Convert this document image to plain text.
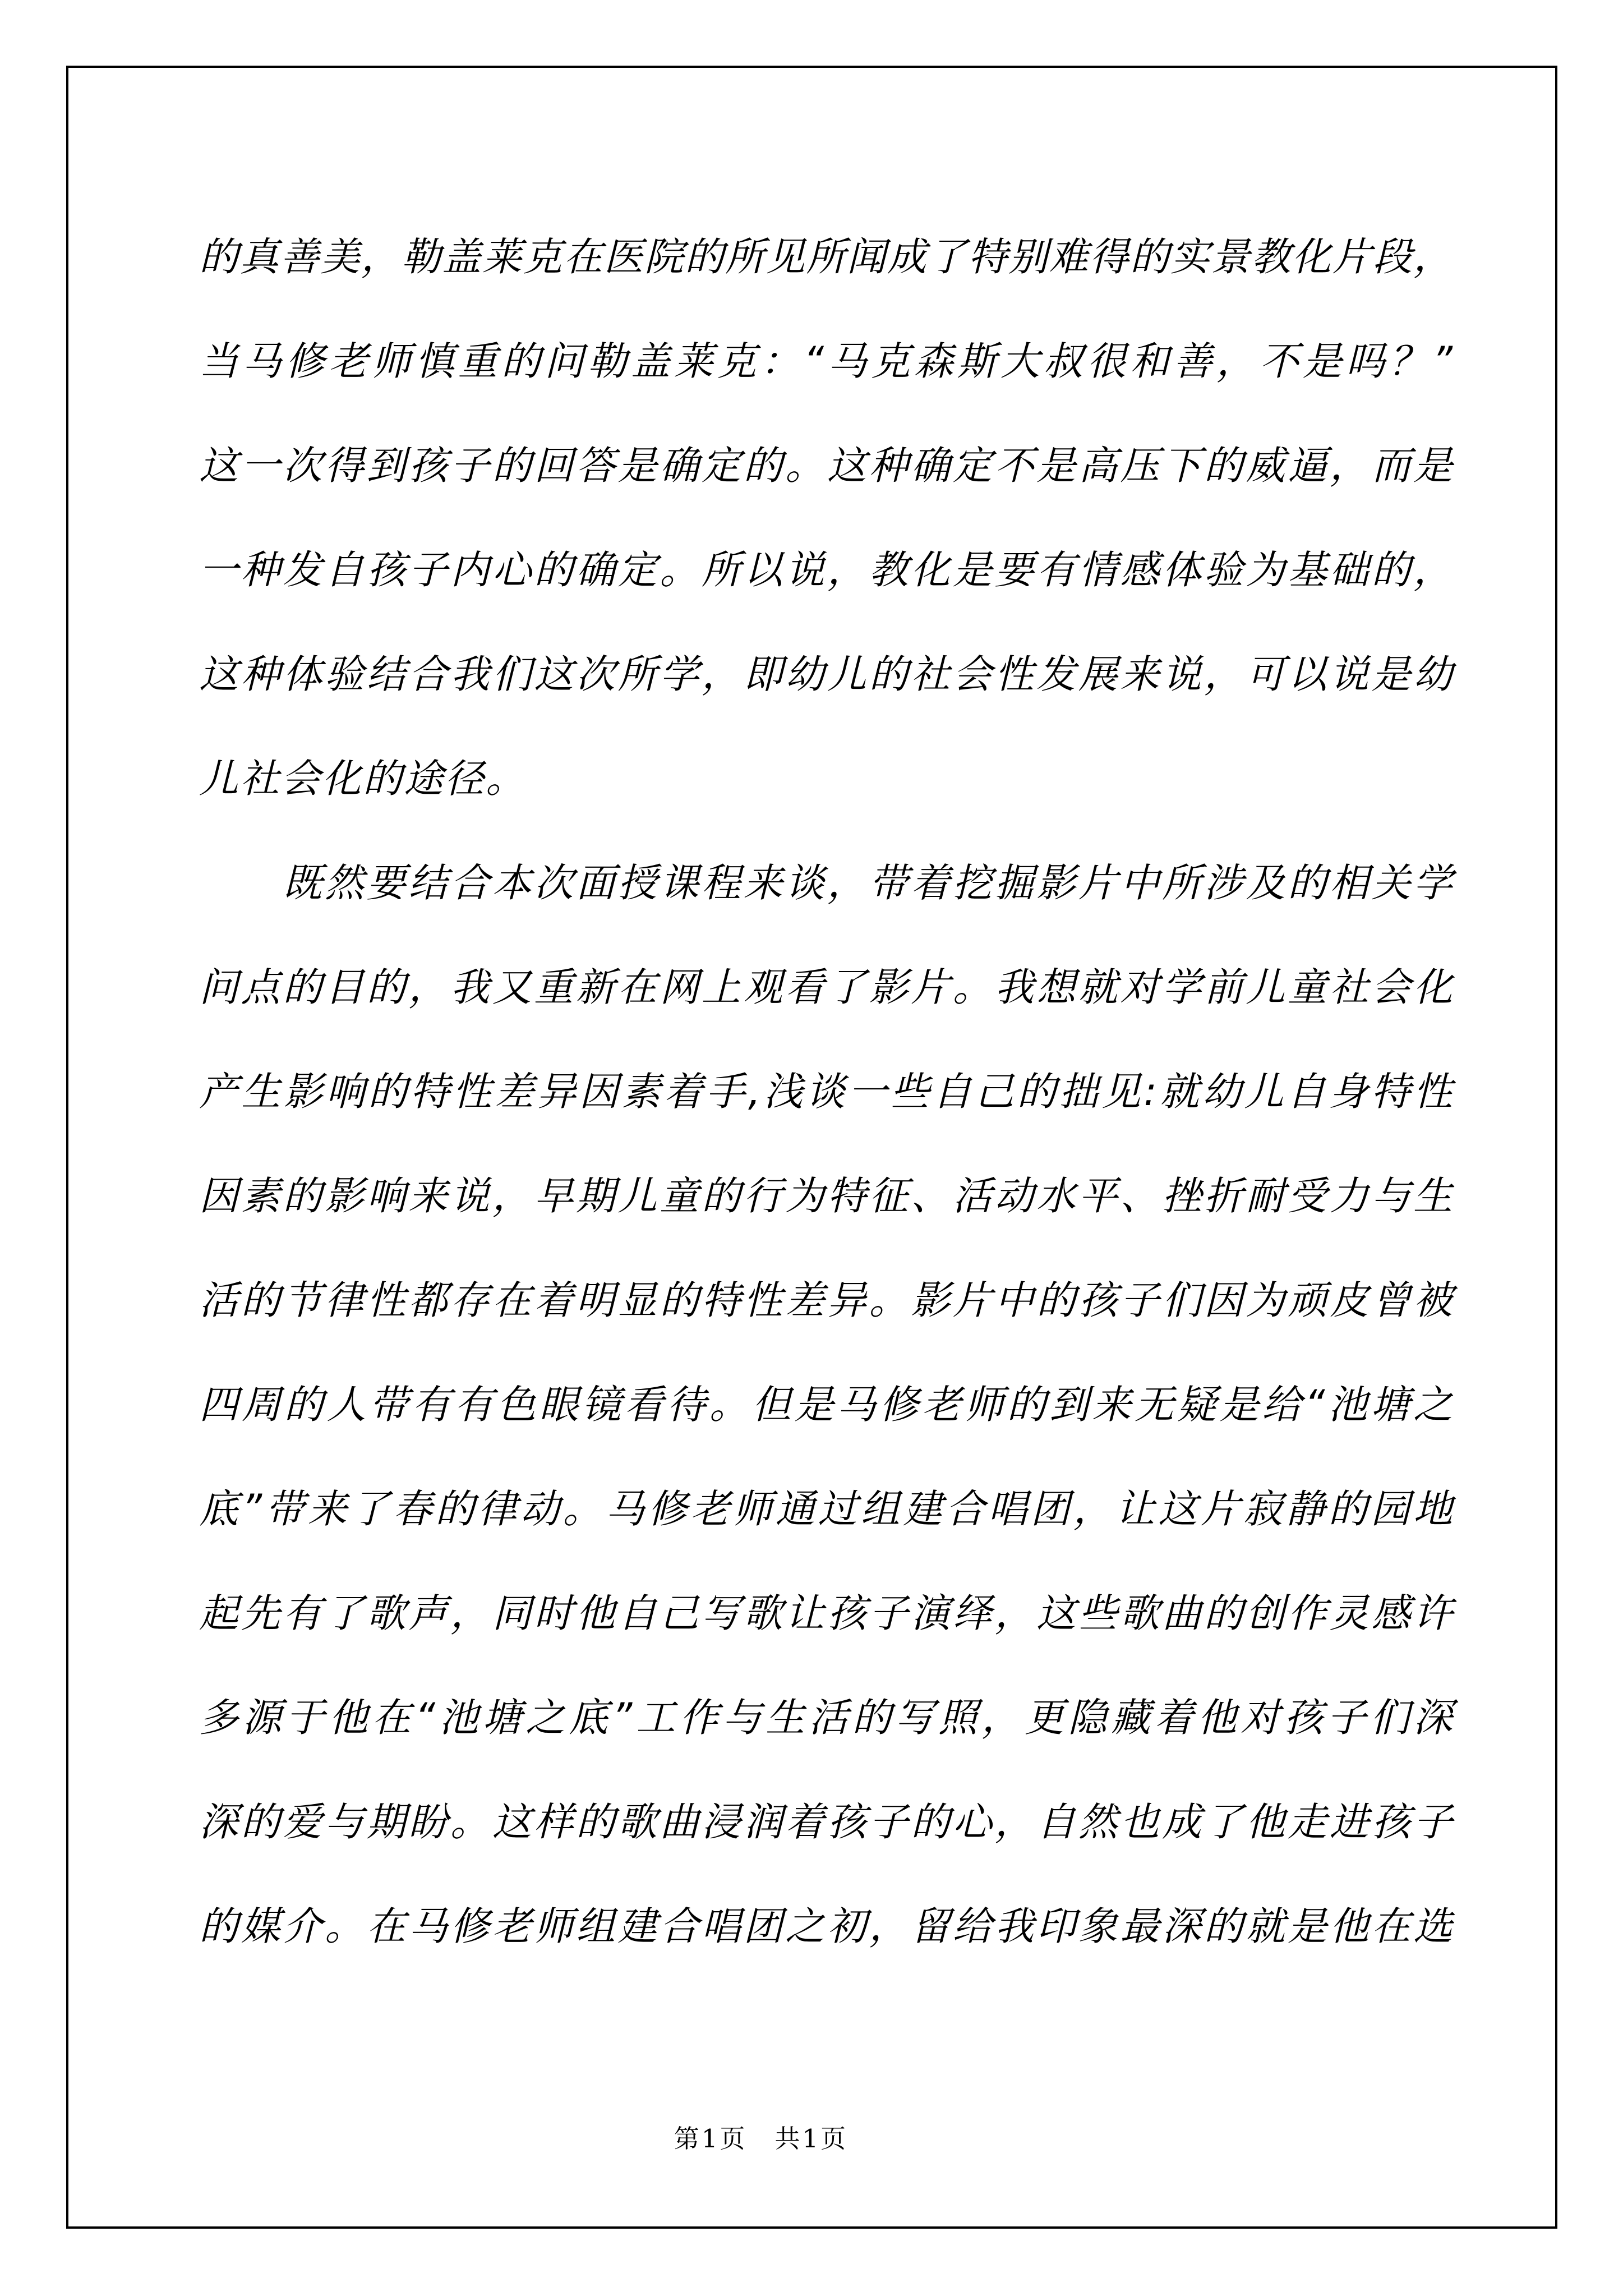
的真善美，勒盖莱克在医院的所见所闻成了特别难得的实景教化片段，
当马修老师慎重的问勒盖莱克：“马克森斯大叔很和善，不是吗？”
这一次得到孩子的回答是确定的。这种确定不是高压下的威逼，而是
一种发自孩子内心的确定。所以说，教化是要有情感体验为基础的，
这种体验结合我们这次所学，即幼儿的社会性发展来说，可以说是幼
儿社会化的途径。
　　既然要结合本次面授课程来谈，带着挖掘影片中所涉及的相关学
问点的目的，我又重新在网上观看了影片。我想就对学前儿童社会化
产生影响的特性差异因素着手,浅谈一些自己的拙见:就幼儿自身特性
因素的影响来说，早期儿童的行为特征、活动水平、挫折耐受力与生
活的节律性都存在着明显的特性差异。影片中的孩子们因为顽皮曾被
四周的人带有有色眼镜看待。但是马修老师的到来无疑是给“池塘之
底”带来了春的律动。马修老师通过组建合唱团，让这片寂静的园地
起先有了歌声，同时他自己写歌让孩子演绎，这些歌曲的创作灵感许
多源于他在“池塘之底”工作与生活的写照，更隐藏着他对孩子们深
深的爱与期盼。这样的歌曲浸润着孩子的心，自然也成了他走进孩子
的媒介。在马修老师组建合唱团之初，留给我印象最深的就是他在选
第1页　共1页
